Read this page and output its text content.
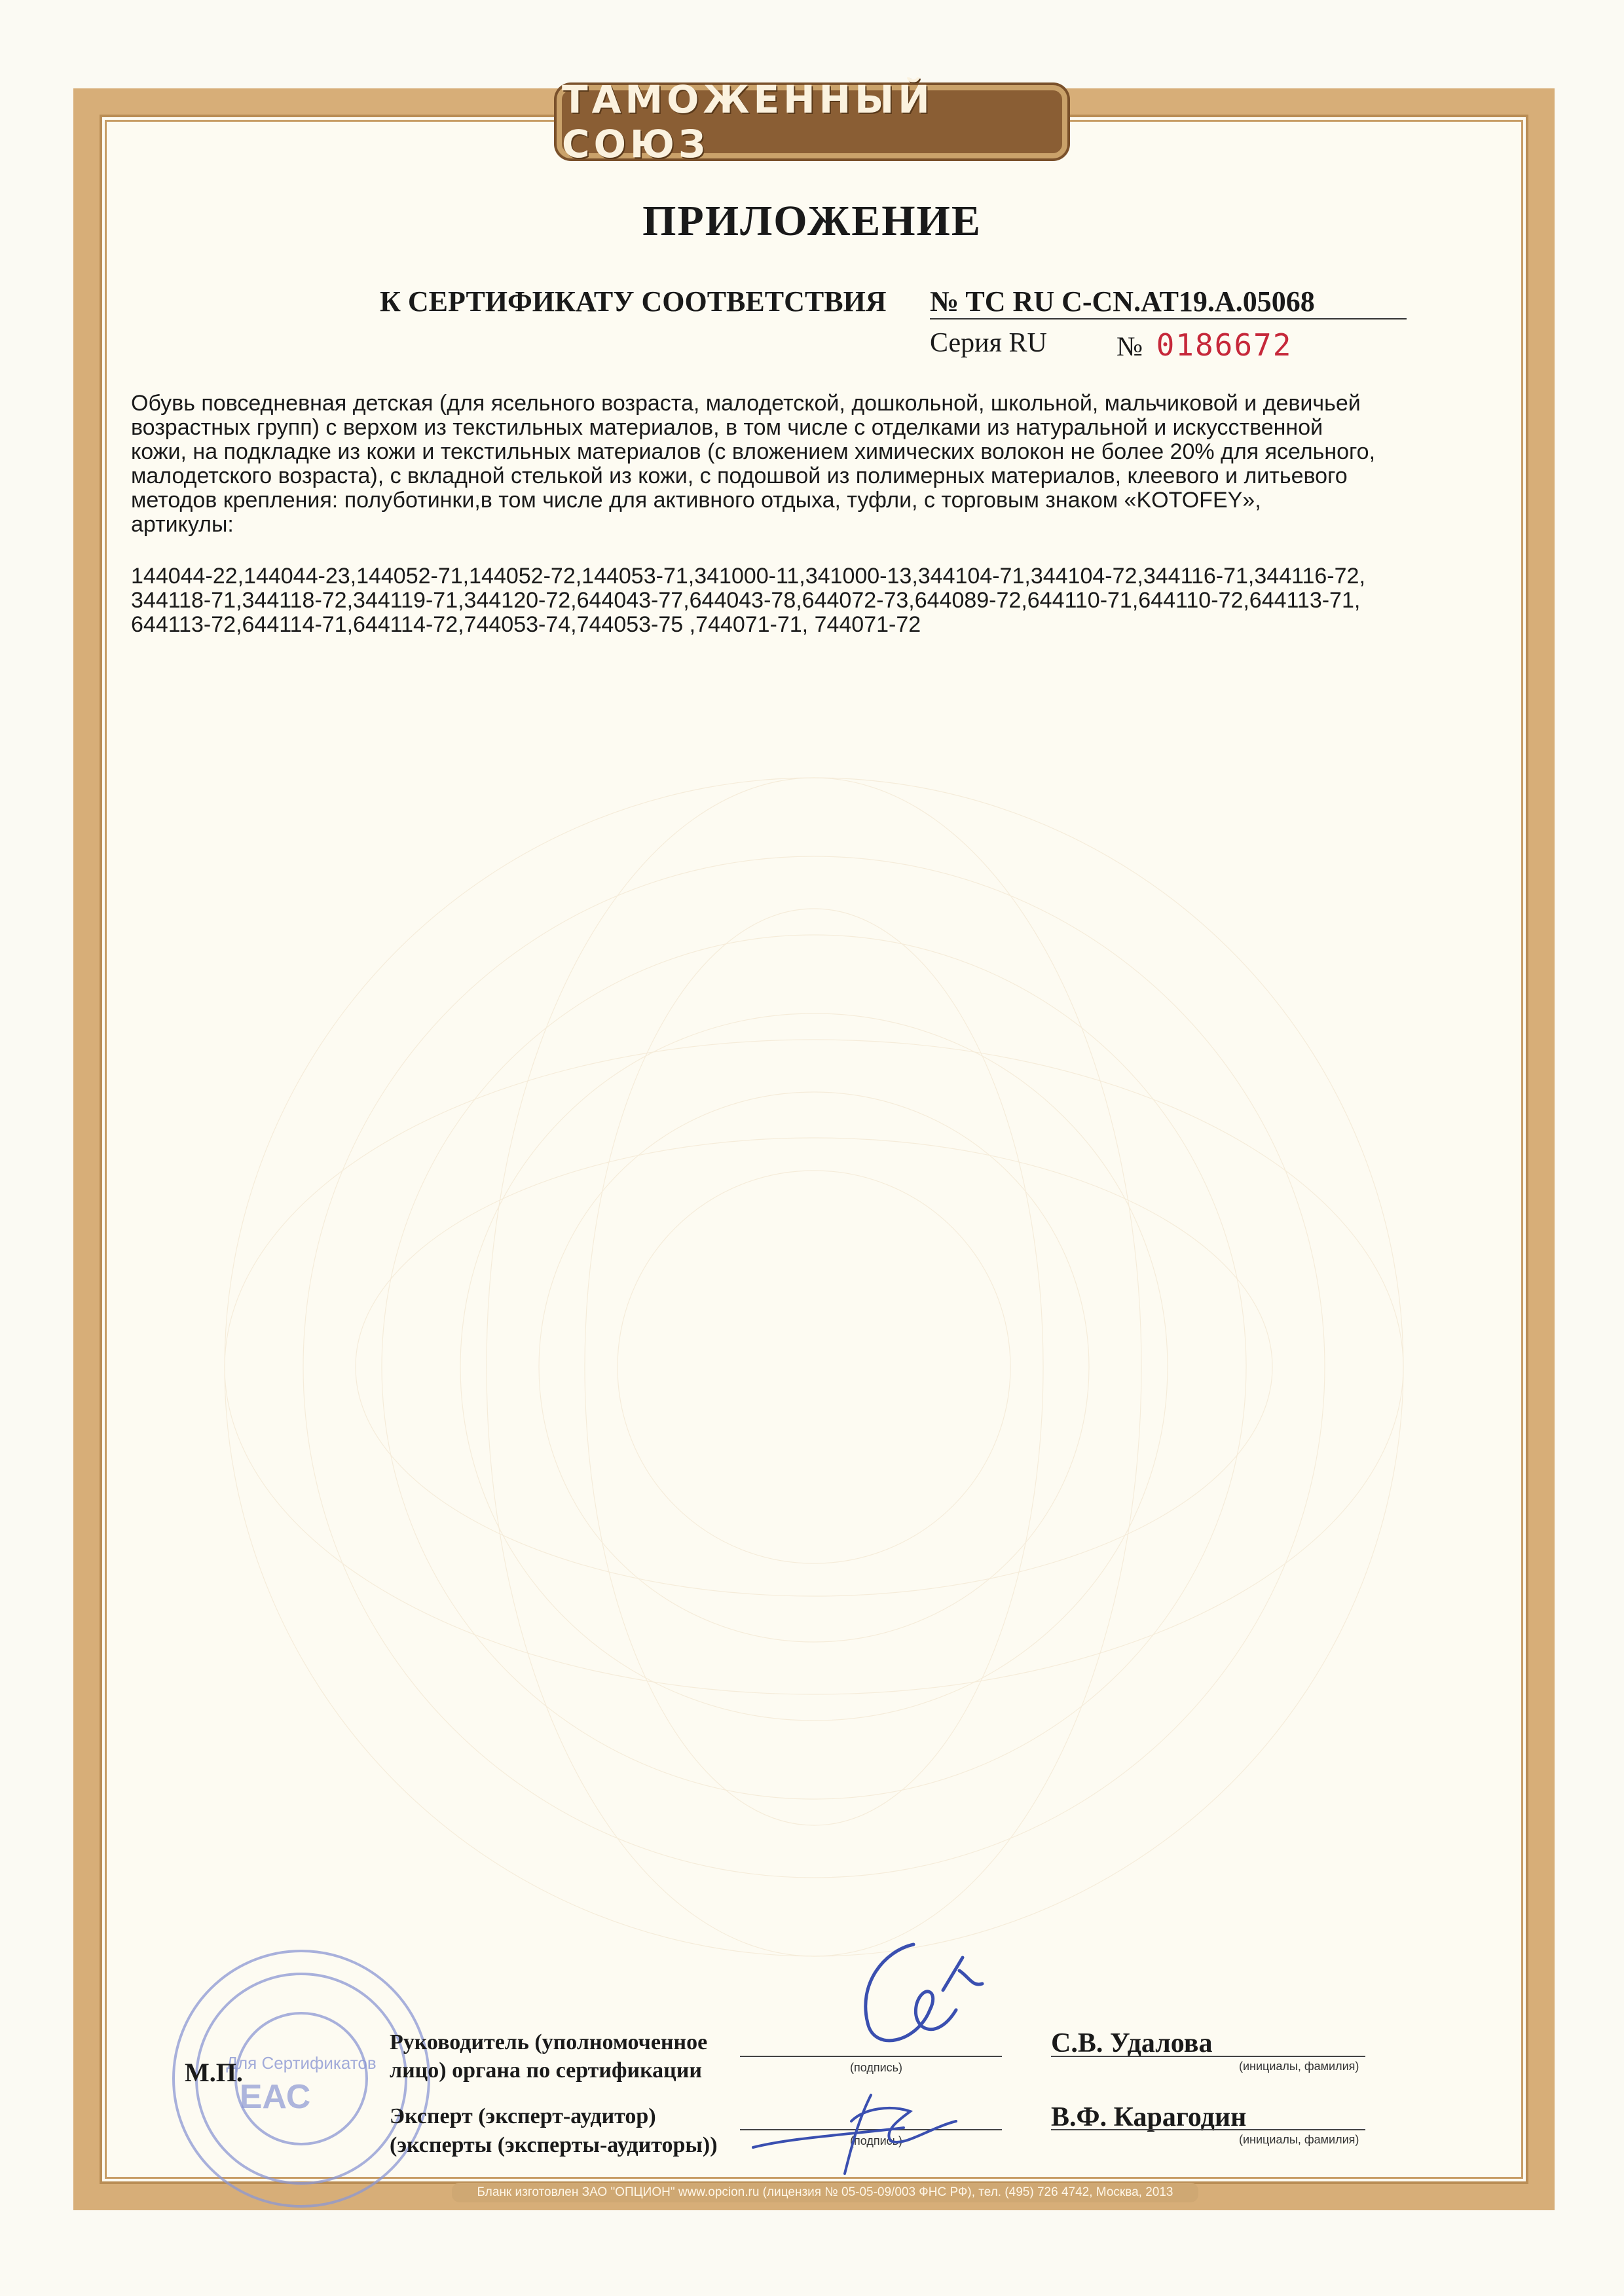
ТАМОЖЕННЫЙ СОЮЗ
ПРИЛОЖЕНИЕ
К СЕРТИФИКАТУ СООТВЕТСТВИЯ № TC RU C-CN.AT19.A.05068
Серия RU	№ 0186672

Обувь повседневная детская (для ясельного возраста, малодетской, дошкольной, школьной, мальчиковой и девичьей

возрастных групп) с верхом из текстильных материалов, в том числе с отделками из натуральной и искусственной

кожи, на подкладке из кожи и текстильных материалов (с вложением химических волокон не более 20% для ясельного,

малодетского возраста), с вкладной стелькой из кожи, с подошвой из полимерных материалов, клеевого и литьевого

методов крепления: полуботинки,в том числе для активного отдыха, туфли, с торговым знаком «KOTOFEY»,

артикулы:

144044-22,144044-23,144052-71,144052-72,144053-71,341000-11,341000-13,344104-71,344104-72,344116-71,344116-72,

344118-71,344118-72,344119-71,344120-72,644043-77,644043-78,644072-73,644089-72,644110-71,644110-72,644113-71,

644113-72,644114-71,644114-72,744053-74,744053-75 ,744071-71, 744071-72

Для Сертификатов
ЕАС
М.П.
Руководитель (уполномоченное
лицо) органа по сертификации	(подпись)
С.В. Удалова
(инициалы, фамилия)
Эксперт (эксперт-аудитор)
(эксперты (эксперты-аудиторы))	(подпись)
В.Ф. Карагодин
(инициалы, фамилия)
Бланк изготовлен ЗАО "ОПЦИОН" www.opcion.ru (лицензия № 05-05-09/003 ФНС РФ), тел. (495) 726 4742, Москва, 2013
